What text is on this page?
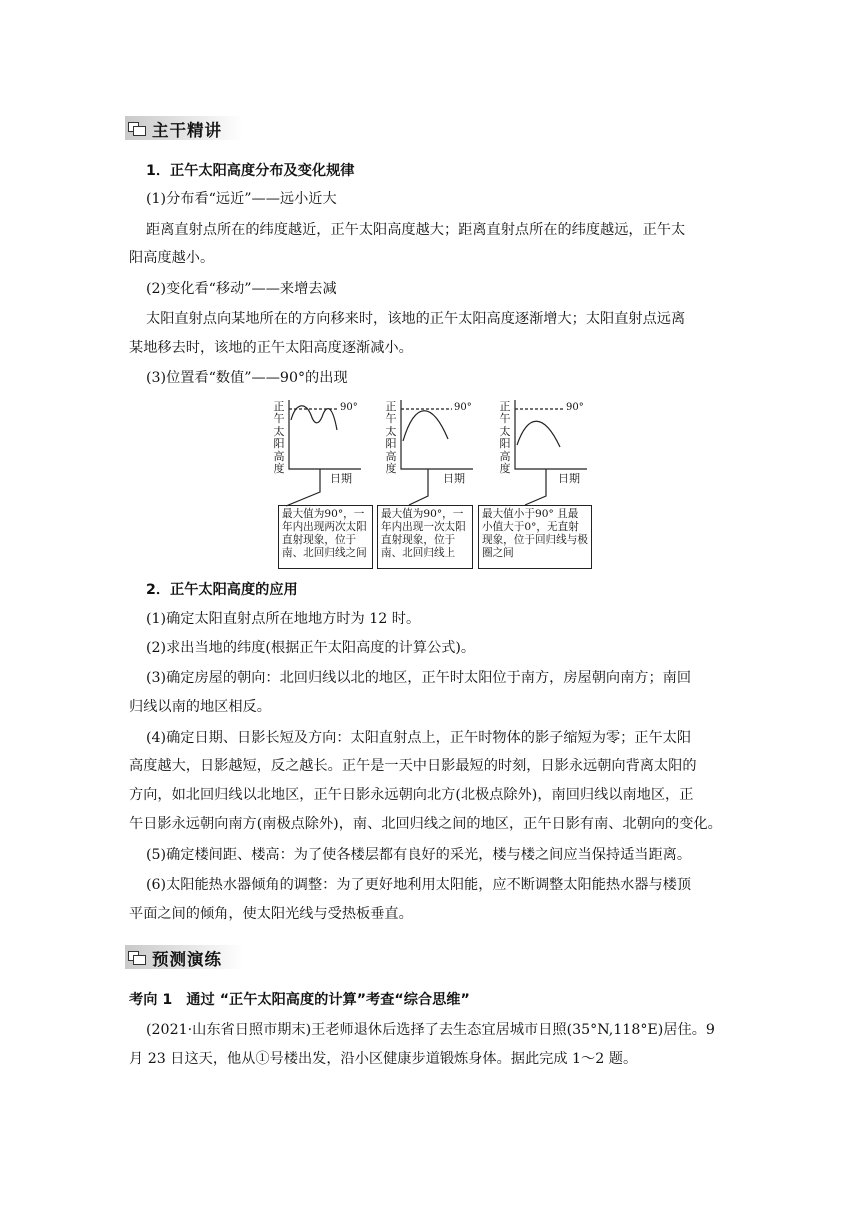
主干精讲
1．正午太阳高度分布及变化规律
(1)分布看“远近”——远小近大
距离直射点所在的纬度越近，正午太阳高度越大；距离直射点所在的纬度越远，正午太
阳高度越小。
(2)变化看“移动”——来增去减
太阳直射点向某地所在的方向移来时，该地的正午太阳高度逐渐增大；太阳直射点远离
某地移去时，该地的正午太阳高度逐渐减小。
(3)位置看“数值”——90°的出现
正
午
太
阳
高
度
90°
日期
正
午
太
阳
高
度
90°
日期
正
午
太
阳
高
度
90°
日期
最大值为90°，一年内出现两次太阳直射现象，位于南、北回归线之间
最大值为90°，一年内出现一次太阳直射现象，位于南、北回归线上
最大值小于90° 且最小值大于0°，无直射现象，位于回归线与极圈之间
2．正午太阳高度的应用
(1)确定太阳直射点所在地地方时为 12 时。
(2)求出当地的纬度(根据正午太阳高度的计算公式)。
(3)确定房屋的朝向：北回归线以北的地区，正午时太阳位于南方，房屋朝向南方；南回
归线以南的地区相反。
(4)确定日期、日影长短及方向：太阳直射点上，正午时物体的影子缩短为零；正午太阳
高度越大，日影越短，反之越长。正午是一天中日影最短的时刻，日影永远朝向背离太阳的
方向，如北回归线以北地区，正午日影永远朝向北方(北极点除外)，南回归线以南地区，正
午日影永远朝向南方(南极点除外)，南、北回归线之间的地区，正午日影有南、北朝向的变化。
(5)确定楼间距、楼高：为了使各楼层都有良好的采光，楼与楼之间应当保持适当距离。
(6)太阳能热水器倾角的调整：为了更好地利用太阳能，应不断调整太阳能热水器与楼顶
平面之间的倾角，使太阳光线与受热板垂直。
预测演练
考向 1　通过 “正午太阳高度的计算”考查“综合思维”
(2021·山东省日照市期末)王老师退休后选择了去生态宜居城市日照(35°N,118°E)居住。9
月 23 日这天，他从①号楼出发，沿小区健康步道锻炼身体。据此完成 1～2 题。
